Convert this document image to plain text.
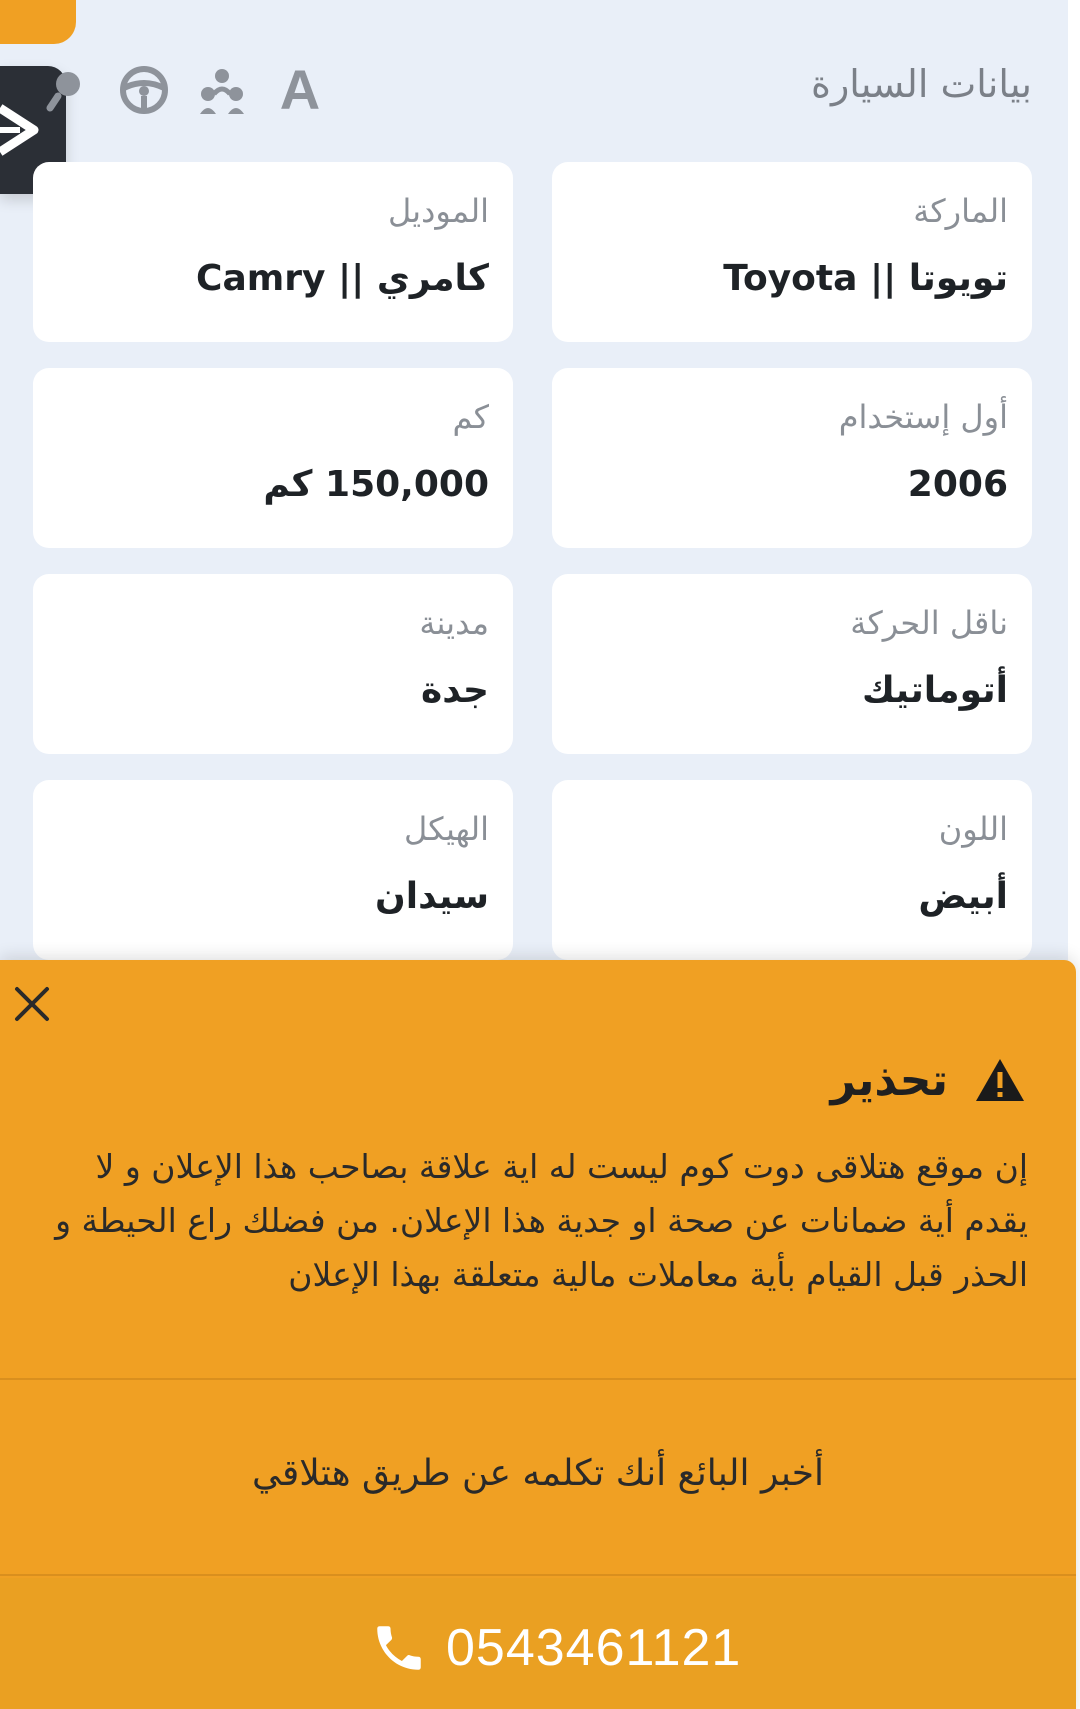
بيانات السيارة
A
الماركة
تويوتا || Toyota
الموديل
كامري || Camry
أول إستخدام
2006
كم
150,000 كم
ناقل الحركة
أتوماتيك
مدينة
جدة
اللون
أبيض
الهيكل
سيدان
تحذير
إن موقع هتلاقى دوت كوم ليست له اية علاقة بصاحب هذا الإعلان و لا يقدم أية ضمانات عن صحة او جدية هذا الإعلان. من فضلك راع الحيطة و الحذر قبل القيام بأية معاملات مالية متعلقة بهذا الإعلان
أخبر البائع أنك تكلمه عن طريق هتلاقي
0543461121
